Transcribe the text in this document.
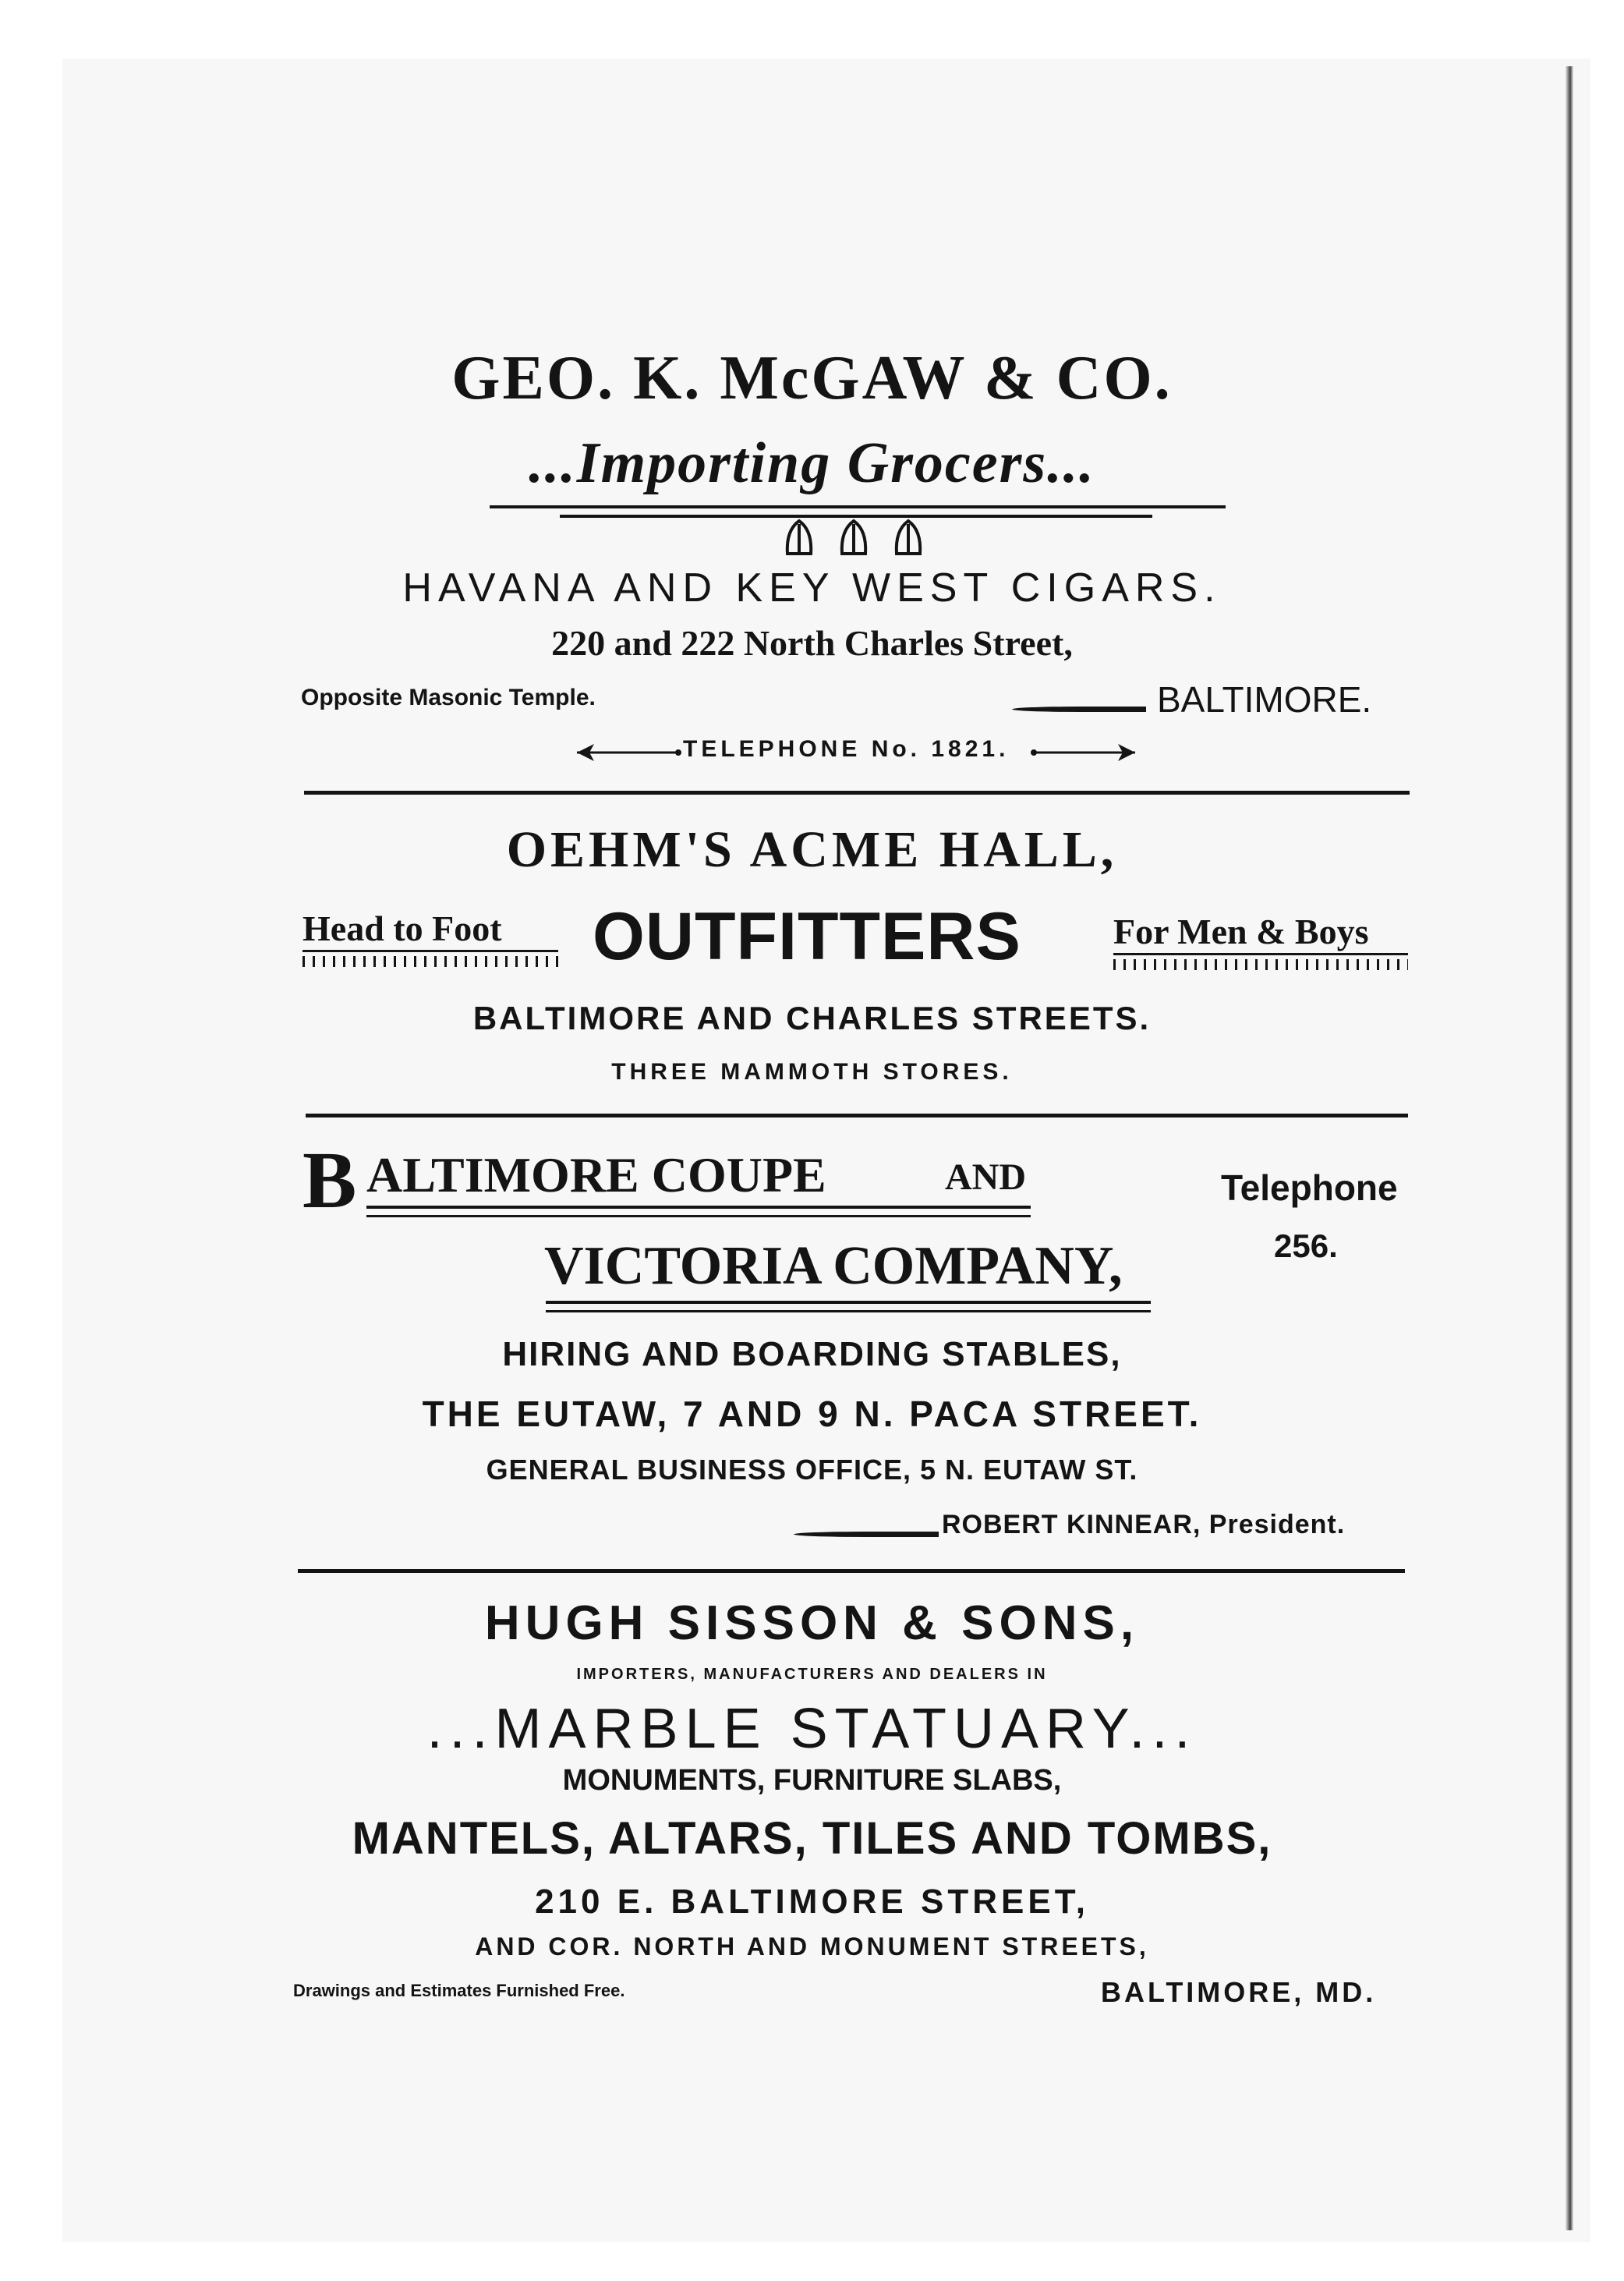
GEO. K. McGAW & CO.
...Importing Grocers...
HAVANA AND KEY WEST CIGARS.
220 and 222 North Charles Street,
Opposite Masonic Temple.	BALTIMORE.
TELEPHONE No. 1821.
OEHM'S ACME HALL,
Head to Foot OUTFITTERS	For Men & Boys
BALTIMORE AND CHARLES STREETS.
THREE MAMMOTH STORES.
B ALTIMORE COUPE	AND	Telephone
256.
VICTORIA COMPANY,
HIRING AND BOARDING STABLES,
THE EUTAW, 7 AND 9 N. PACA STREET.
GENERAL BUSINESS OFFICE, 5 N. EUTAW ST.
ROBERT KINNEAR, President.
HUGH SISSON & SONS,
IMPORTERS, MANUFACTURERS AND DEALERS IN
...MARBLE STATUARY...
MONUMENTS, FURNITURE SLABS,
MANTELS, ALTARS, TILES AND TOMBS,
210 E. BALTIMORE STREET,
AND COR. NORTH AND MONUMENT STREETS,
Drawings and Estimates Furnished Free.	BALTIMORE, MD.
